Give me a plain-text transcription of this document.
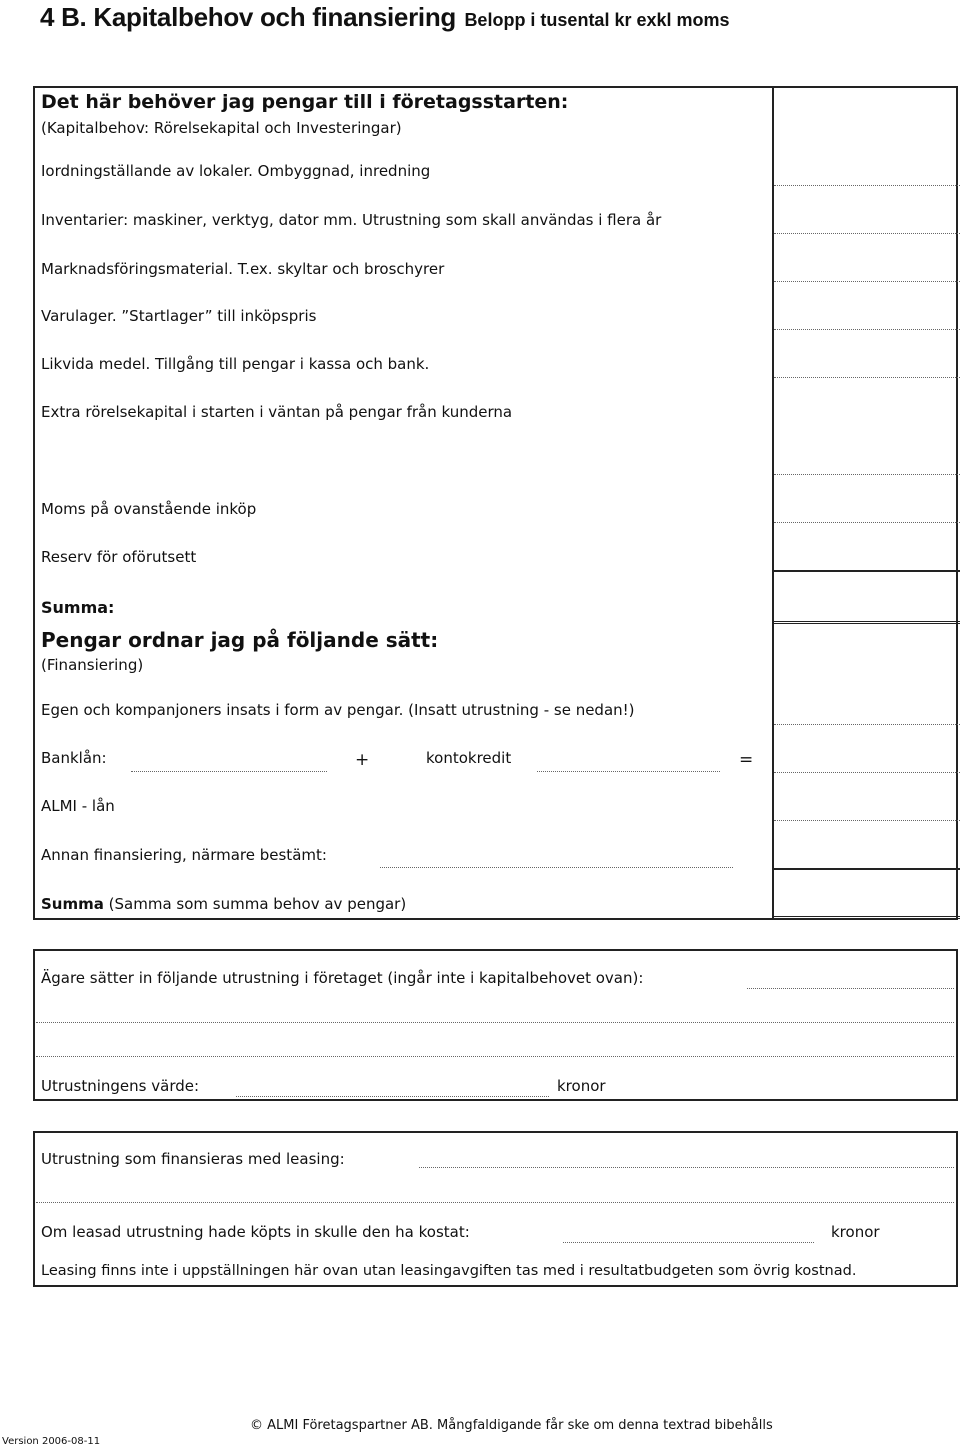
4 B. Kapitalbehov och finansiering Belopp i tusental kr exkl moms
Det här behöver jag pengar till i företagsstarten:
(Kapitalbehov: Rörelsekapital och Investeringar)
Iordningställande av lokaler. Ombyggnad, inredning
Inventarier: maskiner, verktyg, dator mm. Utrustning som skall användas i flera år
Marknadsföringsmaterial. T.ex. skyltar och broschyrer
Varulager. ”Startlager” till inköpspris
Likvida medel. Tillgång till pengar i kassa och bank.
Extra rörelsekapital i starten i väntan på pengar från kunderna
Moms på ovanstående inköp
Reserv för oförutsett
Summa:
Pengar ordnar jag på följande sätt:
(Finansiering)
Egen och kompanjoners insats i form av pengar. (Insatt utrustning - se nedan!)
Banklån:	+	kontokredit	=
ALMI - lån
Annan finansiering, närmare bestämt:
Summa (Samma som summa behov av pengar)
Ägare sätter in följande utrustning i företaget (ingår inte i kapitalbehovet ovan):
Utrustningens värde:	kronor
Utrustning som finansieras med leasing:
Om leasad utrustning hade köpts in skulle den ha kostat:	kronor
Leasing finns inte i uppställningen här ovan utan leasingavgiften tas med i resultatbudgeten som övrig kostnad.
© ALMI Företagspartner AB. Mångfaldigande får ske om denna textrad bibehålls
Version 2006-08-11
